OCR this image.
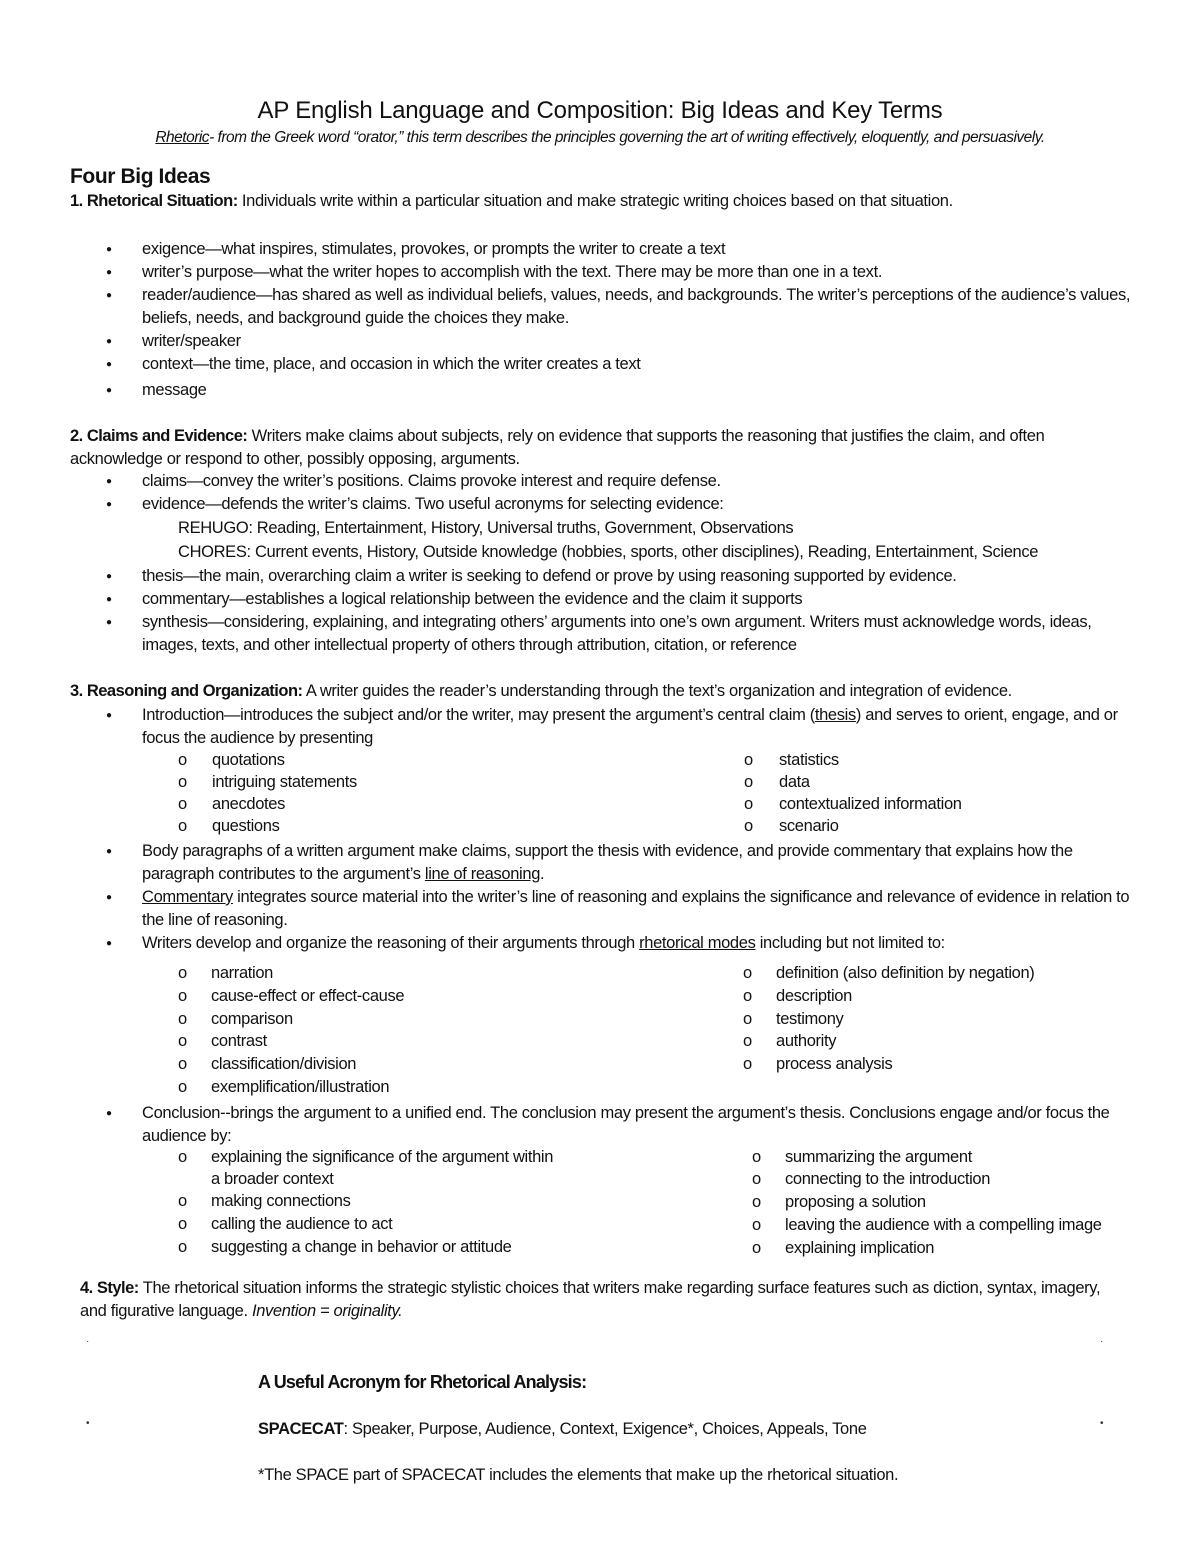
AP English Language and Composition: Big Ideas and Key Terms
Rhetoric- from the Greek word “orator,” this term describes the principles governing the art of writing effectively, eloquently, and persuasively.
Four Big Ideas
1. Rhetorical Situation: Individuals write within a particular situation and make strategic writing choices based on that situation.
● exigence—what inspires, stimulates, provokes, or prompts the writer to create a text
● writer’s purpose—what the writer hopes to accomplish with the text. There may be more than one in a text.
● reader/audience—has shared as well as individual beliefs, values, needs, and backgrounds. The writer’s perceptions of the audience’s values, beliefs, needs, and background guide the choices they make.
● writer/speaker
● context—the time, place, and occasion in which the writer creates a text
● message
2. Claims and Evidence: Writers make claims about subjects, rely on evidence that supports the reasoning that justifies the claim, and often acknowledge or respond to other, possibly opposing, arguments.
● claims—convey the writer’s positions. Claims provoke interest and require defense.
● evidence—defends the writer’s claims. Two useful acronyms for selecting evidence:
REHUGO: Reading, Entertainment, History, Universal truths, Government, Observations
CHORES: Current events, History, Outside knowledge (hobbies, sports, other disciplines), Reading, Entertainment, Science
● thesis—the main, overarching claim a writer is seeking to defend or prove by using reasoning supported by evidence.
● commentary—establishes a logical relationship between the evidence and the claim it supports
● synthesis—considering, explaining, and integrating others’ arguments into one’s own argument. Writers must acknowledge words, ideas, images, texts, and other intellectual property of others through attribution, citation, or reference
3. Reasoning and Organization: A writer guides the reader’s understanding through the text’s organization and integration of evidence.
● Introduction—introduces the subject and/or the writer, may present the argument’s central claim (thesis) and serves to orient, engage, and or focus the audience by presenting
o	quotations
o	intriguing statements
o	anecdotes
o	questions
o	statistics
o	data
o	contextualized information
o	scenario
● Body paragraphs of a written argument make claims, support the thesis with evidence, and provide commentary that explains how the paragraph contributes to the argument’s line of reasoning.
● Commentary integrates source material into the writer’s line of reasoning and explains the significance and relevance of evidence in relation to the line of reasoning.
● Writers develop and organize the reasoning of their arguments through rhetorical modes including but not limited to:
o	narration
o	cause-effect or effect-cause
o	comparison
o	contrast
o	classification/division
o	exemplification/illustration
o	definition (also definition by negation)
o	description
o	testimony
o	authority
o	process analysis
● Conclusion--brings the argument to a unified end. The conclusion may present the argument’s thesis. Conclusions engage and/or focus the audience by:
o	explaining the significance of the argument within
a broader context
o	making connections
o	calling the audience to act
o	suggesting a change in behavior or attitude
o	summarizing the argument
o	connecting to the introduction
o	proposing a solution
o	leaving the audience with a compelling image
o	explaining implication
4. Style: The rhetorical situation informs the strategic stylistic choices that writers make regarding surface features such as diction, syntax, imagery, and figurative language. Invention = originality.
·	·
•	•
A Useful Acronym for Rhetorical Analysis:
SPACECAT: Speaker, Purpose, Audience, Context, Exigence*, Choices, Appeals, Tone
*The SPACE part of SPACECAT includes the elements that make up the rhetorical situation.
